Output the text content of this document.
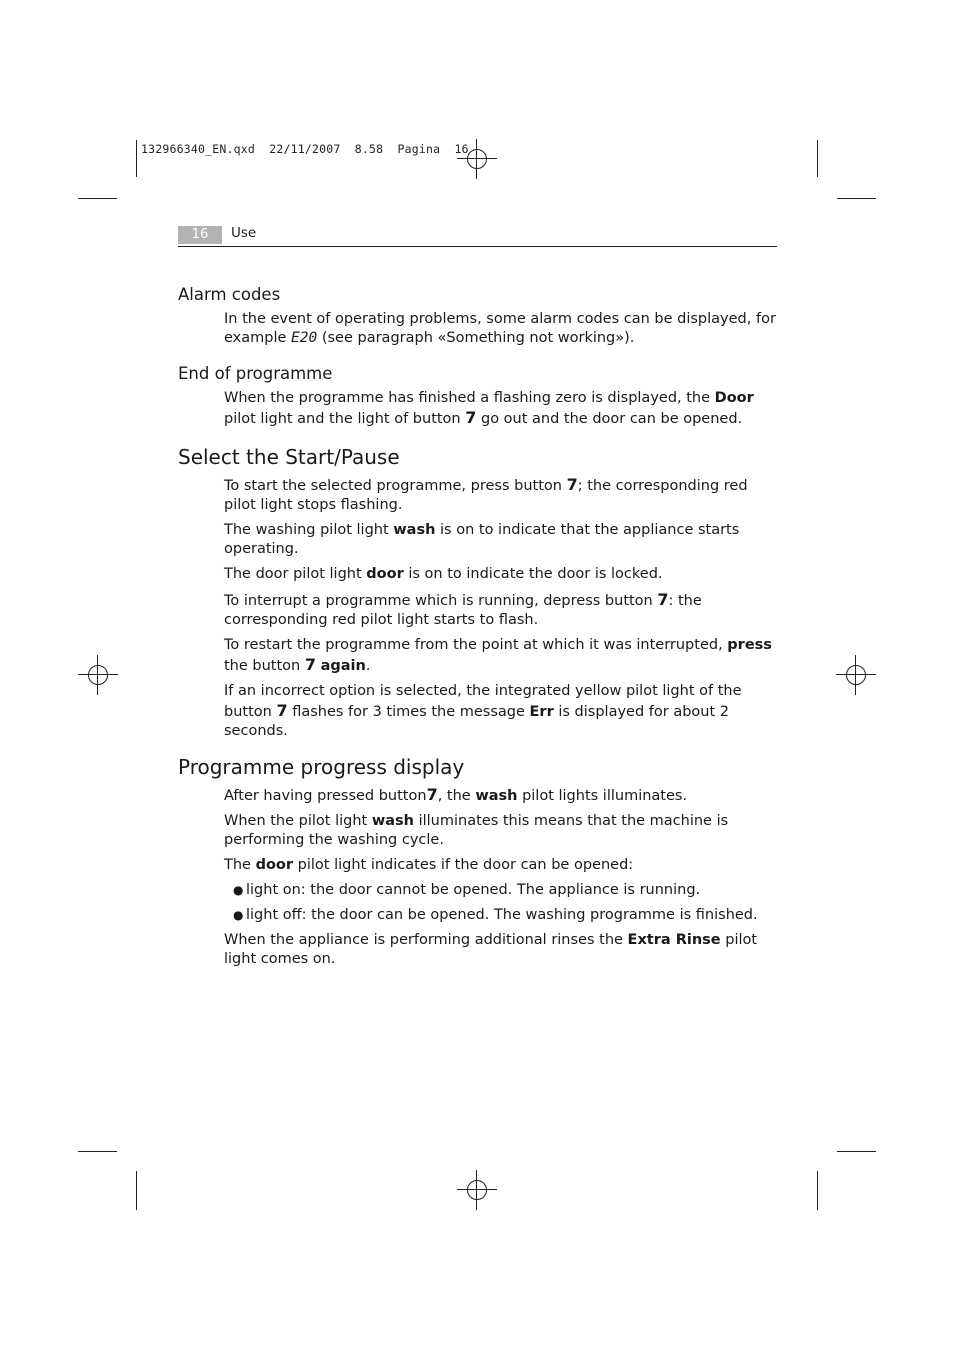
132966340_EN.qxd  22/11/2007  8.58  Pagina  16
16	Use
Alarm codes

In the event of operating problems, some alarm codes can be displayed, for example E20 (see paragraph «Something not working»).

End of programme

When the programme has finished a flashing zero is displayed, the Door pilot light and the light of button 7 go out and the door can be opened.

Select the Start/Pause

To start the selected programme, press button 7; the corresponding red pilot light stops flashing.

The washing pilot light wash is on to indicate that the appliance starts operating.

The door pilot light door is on to indicate the door is locked.

To interrupt a programme which is running, depress button 7: the corresponding red pilot light starts to flash.

To restart the programme from the point at which it was interrupted, press the button 7 again.

If an incorrect option is selected, the integrated yellow pilot light of the button 7 flashes for 3 times the message Err is displayed for about 2 seconds.

Programme progress display

After having pressed button7, the wash pilot lights illuminates.

When the pilot light wash illuminates this means that the machine is performing the washing cycle.

The door pilot light indicates if the door can be opened:

● light on: the door cannot be opened. The appliance is running.
● light off: the door can be opened. The washing programme is finished.

When the appliance is performing additional rinses the Extra Rinse pilot light comes on.
